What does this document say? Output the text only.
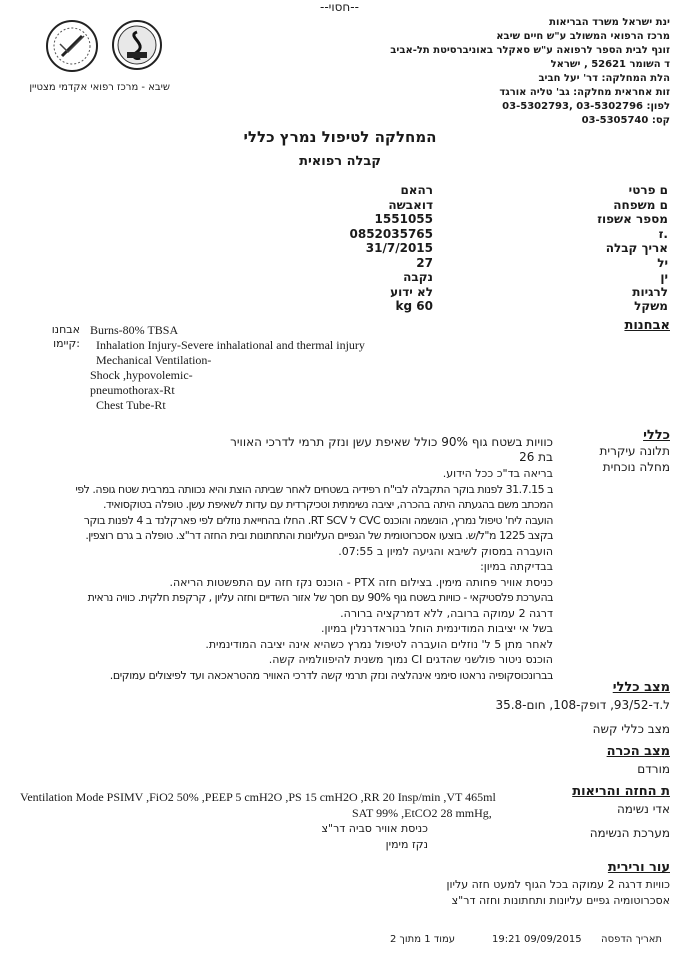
--חסוי--
שיבא - מרכז רפואי אקדמי מצטיין
ינת ישראל משרד הבריאות
מרכז הרפואי המשולב ע"ש חיים שיבא
זונף לבית הספר לרפואה ע"ש סאקלר באוניברסיטת תל-אביב
ד השומר 52621 , ישראל
הלת המחלקה: דר' יעל חביב
זות אחראית מחלקה: גב' טליה אורגד
לפון: 03-5302796 ,03-5302793
קס: 03-5305740
המחלקה לטיפול נמרץ כללי
קבלה רפואית
ם פרטי
ם משפחה
מספר אשפוז
.ז
אריך קבלה
יל
ין
לרגיות
משקל
רהאם
דואבשה
1551055
0852035765
31/7/2015
27
נקבה
לא ידוע
kg 60
אבחנות
אבחנו
:קיימו
Burns-80% TBSA
Inhalation Injury-Severe inhalational and thermal injury
Mechanical Ventilation-
Shock ,hypovolemic-
pneumothorax-Rt
Chest Tube-Rt
כללי
תלונה עיקרית
מחלה נוכחית
כוויות בשטח גוף 90% כולל שאיפת עשן ונזק תרמי לדרכי האוויר
בת 26
בריאה בד"כ ככל הידוע.
ב 31.7.15 לפנות בוקר התקבלה לבי"ח רפידיה בשטחים לאחר שביתה הוצת והיא נכוותה במרבית שטח גופה. לפי
המכתב משם בהגעתה היתה בהכרה, יציבה נשימתית וטכיקרדית עם עדות לשאיפת עשן. טופלה בטוקסואיד.
הועבה ליח' טיפול נמרץ, הונשמה והוכנס CVC ל RT SCV. החלו בהחייאת נוזלים לפי פארקלנד ב 4 לפנות בוקר
בקצב 1225 מ"ל/ש. בוצעו אסכרוטומית של הגפיים העליונות והתחתונות ובית החזה דר"צ. טופלה ב גרם רוצפין.
הועברה במסוק לשיבא והגיעה למיון ב 07:55.
בבדיקתה במיון:
כניסת אוויר פחותה מימין. בצילום חזה PTX - הוכנס נקז חזה עם התפשטות הריאה.
בהערכת פלסטיקאי - כוויות בשטח גוף 90% עם חסך של אזור השדיים וחזה עליון , קרקפת חלקית. כוויה נראית
דרגה 2 עמוקה ברובה, ללא דמרקציה ברורה.
בשל אי יציבות המודינמית הוחל בנוראדרנלין במיון.
לאחר מתן 5 ל' נוזלים הועברה לטיפול נמרץ כשהיא אינה יציבה המודינמית.
הוכנס ניטור פולשני שהדגים CI נמוך משנית להיפוולמיה קשה.
בברונכוסקופיה נראטו סימני אינהלציה ונזק תרמי קשה לדרכי האוויר מהטראכאה ועד לפיצולים עמוקים.
מצב כללי
ל.ד-93/52, דופק-108, חום-35.8
מצב כללי קשה
מצב הכרה
מורדם
ת החזה והריאות
אדי נשימה
Ventilation Mode PSIMV ,FiO2 50% ,PEEP 5 cmH2O ,PS 15 cmH2O ,RR 20 Insp/min ,VT 465ml
SAT 99% ,EtCO2 28 mmHg,
כניסת אוויר סביה דר"צ	מערכת הנשימה
נקז מימין
עור ורירית
כוויות דרגה 2 עמוקה בכל הגוף למעט חזה עליון
אסכרוטומיה גפיים עליונות ותחתונות וחזה דר"צ
תאריך הדפסה
19:21 09/09/2015
עמוד 1 מתוך 2
